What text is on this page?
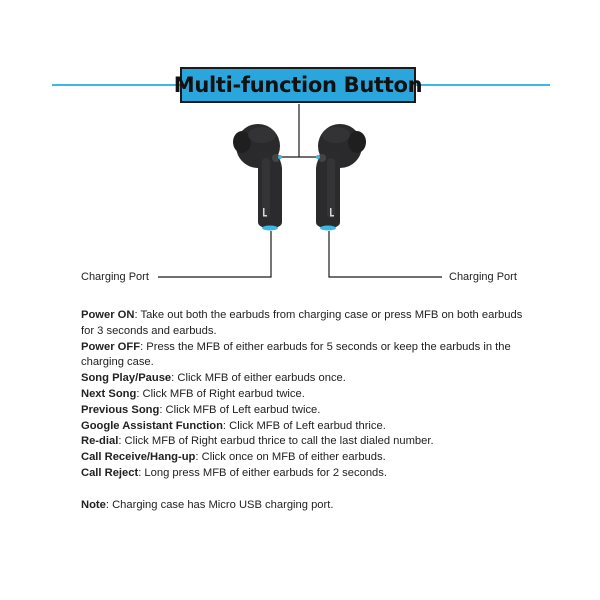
Multi-function Button
Charging Port	Charging Port

Power ON: Take out both the earbuds from charging case or press MFB on both earbuds for 3 seconds and earbuds.

Power OFF: Press the MFB of either earbuds for 5 seconds or keep the earbuds in the charging case.

Song Play/Pause: Click MFB of either earbuds once.

Next Song: Click MFB of Right earbud twice.

Previous Song: Click MFB of Left earbud twice.

Google Assistant Function: Click MFB of Left earbud thrice.

Re-dial: Click MFB of Right earbud thrice to call the last dialed number.

Call Receive/Hang-up: Click once on MFB of either earbuds.

Call Reject: Long press MFB of either earbuds for 2 seconds.

Note: Charging case has Micro USB charging port.
